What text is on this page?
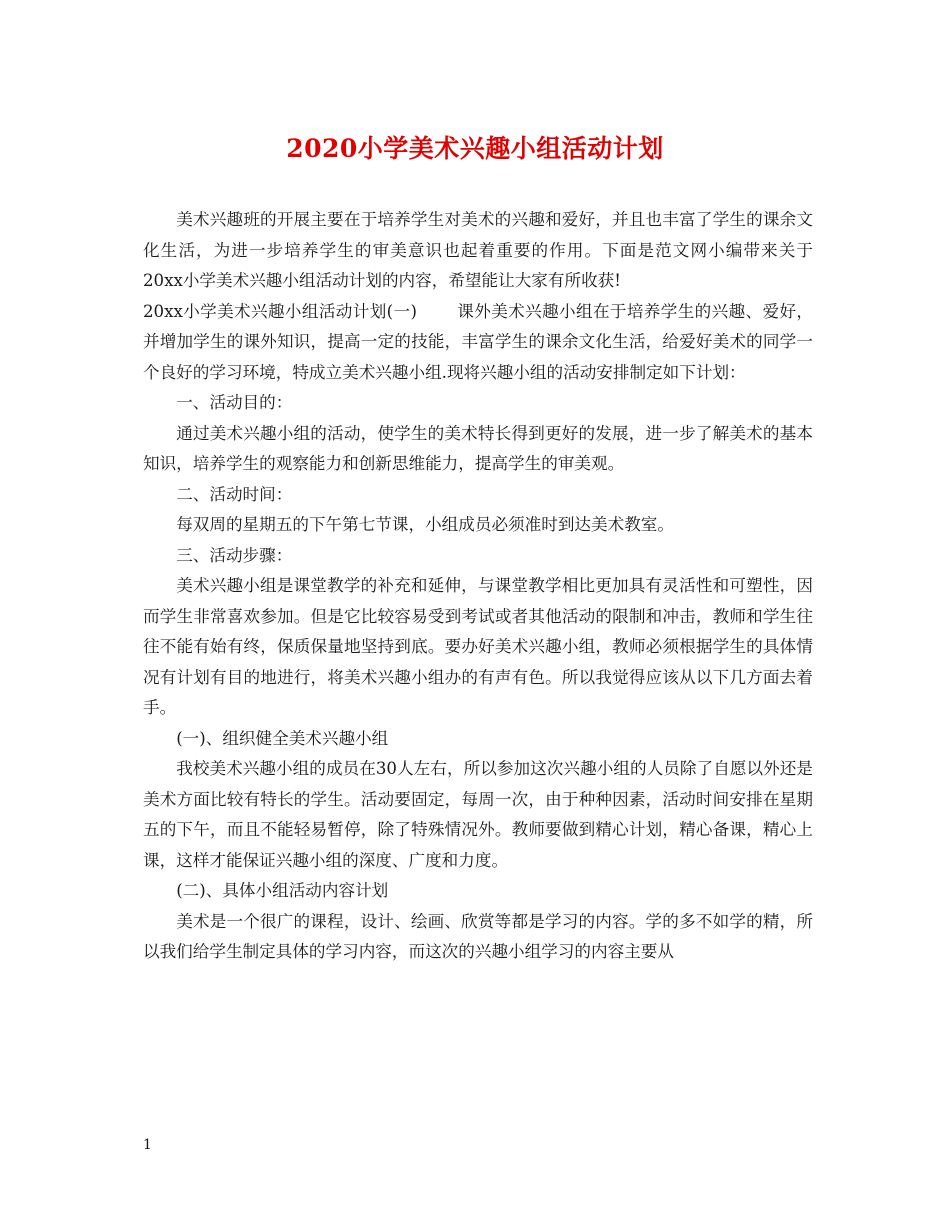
2020小学美术兴趣小组活动计划

美术兴趣班的开展主要在于培养学生对美术的兴趣和爱好，并且也丰富了学生的课余文化生活，为进一步培养学生的审美意识也起着重要的作用。下面是范文网小编带来关于20xx小学美术兴趣小组活动计划的内容，希望能让大家有所收获!

20xx小学美术兴趣小组活动计划(一) 课外美术兴趣小组在于培养学生的兴趣、爱好，并增加学生的课外知识，提高一定的技能，丰富学生的课余文化生活，给爱好美术的同学一个良好的学习环境，特成立美术兴趣小组.现将兴趣小组的活动安排制定如下计划：

一、活动目的：

通过美术兴趣小组的活动，使学生的美术特长得到更好的发展，进一步了解美术的基本知识，培养学生的观察能力和创新思维能力，提高学生的审美观。

二、活动时间：

每双周的星期五的下午第七节课，小组成员必须准时到达美术教室。

三、活动步骤：

美术兴趣小组是课堂教学的补充和延伸，与课堂教学相比更加具有灵活性和可塑性，因而学生非常喜欢参加。但是它比较容易受到考试或者其他活动的限制和冲击，教师和学生往往不能有始有终，保质保量地坚持到底。要办好美术兴趣小组，教师必须根据学生的具体情况有计划有目的地进行，将美术兴趣小组办的有声有色。所以我觉得应该从以下几方面去着手。

(一)、组织健全美术兴趣小组

我校美术兴趣小组的成员在30人左右，所以参加这次兴趣小组的人员除了自愿以外还是美术方面比较有特长的学生。活动要固定，每周一次，由于种种因素，活动时间安排在星期五的下午，而且不能轻易暂停，除了特殊情况外。教师要做到精心计划，精心备课，精心上课，这样才能保证兴趣小组的深度、广度和力度。

(二)、具体小组活动内容计划

美术是一个很广的课程，设计、绘画、欣赏等都是学习的内容。学的多不如学的精，所以我们给学生制定具体的学习内容，而这次的兴趣小组学习的内容主要从

1
